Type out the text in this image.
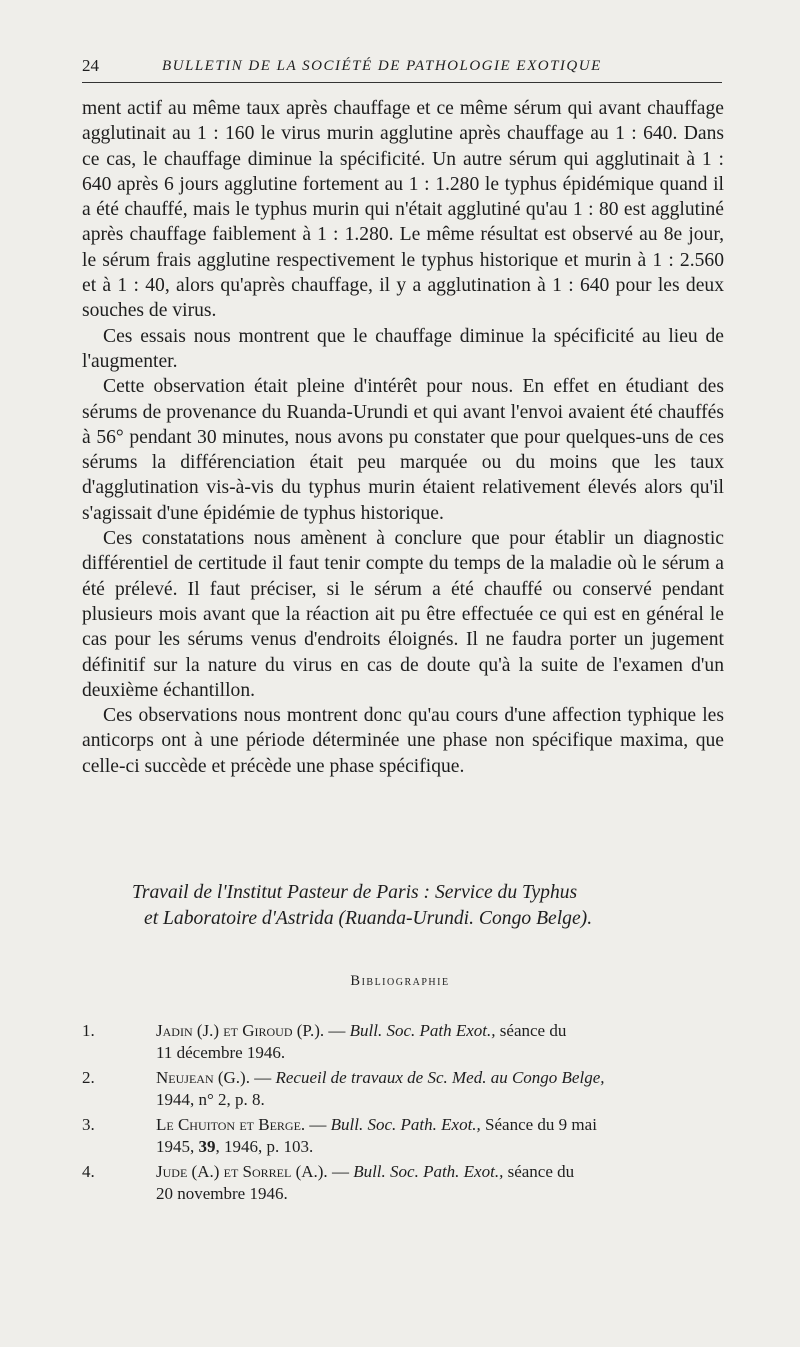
24	BULLETIN DE LA SOCIÉTÉ DE PATHOLOGIE EXOTIQUE

ment actif au même taux après chauffage et ce même sérum qui avant chauffage agglutinait au 1 : 160 le virus murin agglutine après chauffage au 1 : 640. Dans ce cas, le chauffage diminue la spécificité. Un autre sérum qui agglutinait à 1 : 640 après 6 jours agglutine fortement au 1 : 1.280 le typhus épidémique quand il a été chauffé, mais le typhus murin qui n'était agglutiné qu'au 1 : 80 est agglutiné après chauffage faiblement à 1 : 1.280. Le même résultat est observé au 8e jour, le sérum frais agglutine respectivement le typhus historique et murin à 1 : 2.560 et à 1 : 40, alors qu'après chauffage, il y a agglutination à 1 : 640 pour les deux souches de virus.

Ces essais nous montrent que le chauffage diminue la spécificité au lieu de l'augmenter.

Cette observation était pleine d'intérêt pour nous. En effet en étudiant des sérums de provenance du Ruanda-Urundi et qui avant l'envoi avaient été chauffés à 56° pendant 30 minutes, nous avons pu constater que pour quelques-uns de ces sérums la différenciation était peu marquée ou du moins que les taux d'agglutination vis-à-vis du typhus murin étaient relativement élevés alors qu'il s'agissait d'une épidémie de typhus historique.

Ces constatations nous amènent à conclure que pour établir un diagnostic différentiel de certitude il faut tenir compte du temps de la maladie où le sérum a été prélevé. Il faut préciser, si le sérum a été chauffé ou conservé pendant plusieurs mois avant que la réaction ait pu être effectuée ce qui est en général le cas pour les sérums venus d'endroits éloignés. Il ne faudra porter un jugement définitif sur la nature du virus en cas de doute qu'à la suite de l'examen d'un deuxième échantillon.

Ces observations nous montrent donc qu'au cours d'une affection typhique les anticorps ont à une période déterminée une phase non spécifique maxima, que celle-ci succède et précède une phase spécifique.

Travail de l'Institut Pasteur de Paris : Service du Typhus
et Laboratoire d'Astrida (Ruanda-Urundi. Congo Belge).
Bibliographie
1.	Jadin (J.) et Giroud (P.). — Bull. Soc. Path Exot., séance du
11 décembre 1946.
2.	Neujean (G.). — Recueil de travaux de Sc. Med. au Congo Belge,
1944, n° 2, p. 8.
3.	Le Chuiton et Berge. — Bull. Soc. Path. Exot., Séance du 9 mai
1945, 39, 1946, p. 103.
4.	Jude (A.) et Sorrel (A.). — Bull. Soc. Path. Exot., séance du
20 novembre 1946.
